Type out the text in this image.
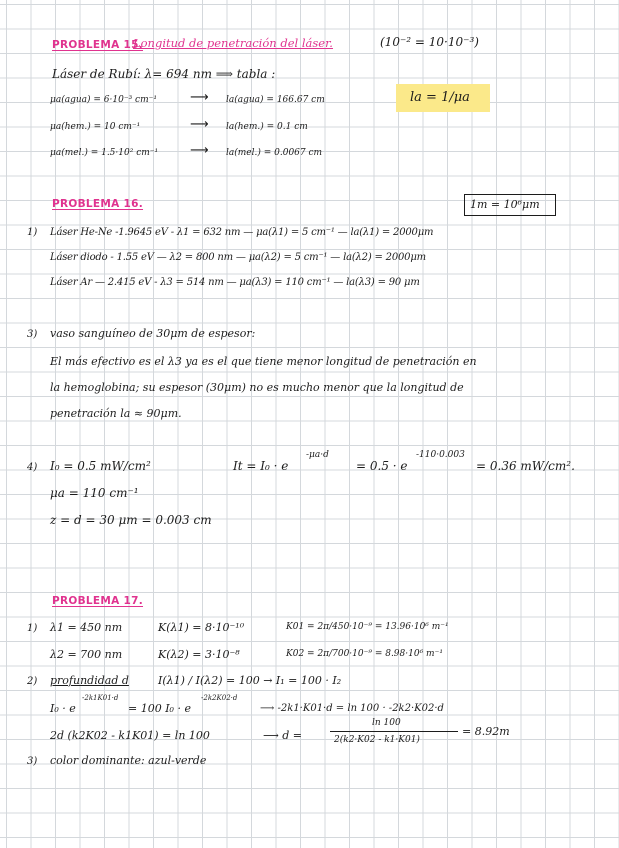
PROBLEMA 15.
Longitud de penetración del láser.	(10⁻² = 10·10⁻³)
Láser de Rubí: λ= 694 nm ⟹ tabla :
μa(agua) = 6·10⁻³ cm⁻¹	⟶ la(agua) = 166.67 cm
μa(hem.) = 10 cm⁻¹	⟶ la(hem.) = 0.1 cm
μa(mel.) = 1.5·10² cm⁻¹ ⟶ la(mel.) = 0.0067 cm
la = 1/μa
PROBLEMA 16.	1m = 10⁶μm
1) Láser He-Ne -1.9645 eV - λ1 = 632 nm — μa(λ1) = 5 cm⁻¹ — la(λ1) = 2000μm
Láser diodo - 1.55 eV — λ2 = 800 nm — μa(λ2) = 5 cm⁻¹ — la(λ2) = 2000μm
Láser Ar — 2.415 eV - λ3 = 514 nm — μa(λ3) = 110 cm⁻¹ — la(λ3) = 90 μm
3) vaso sanguíneo de 30μm de espesor:
El más efectivo es el λ3 ya es el que tiene menor longitud de penetración en
la hemoglobina; su espesor (30μm) no es mucho menor que la longitud de
penetración la ≈ 90μm.
4) I₀ = 0.5 mW/cm²	It = I₀ · e
-μa·d
= 0.5 · e
-110·0.003
= 0.36 mW/cm².
μa = 110 cm⁻¹
z = d = 30 μm = 0.003 cm
PROBLEMA 17.
1) λ1 = 450 nm	K(λ1) = 8·10⁻¹⁰	K01 = 2π/450·10⁻⁹ = 13.96·10⁶ m⁻¹
λ2 = 700 nm	K(λ2) = 3·10⁻⁸	K02 = 2π/700·10⁻⁹ = 8.98·10⁶ m⁻¹
2) profundidad d	I(λ1) / I(λ2) = 100 → I₁ = 100 · I₂
I₀ · e
-2k1K01·d
= 100 I₀ · e
-2k2K02·d
⟶ -2k1·K01·d = ln 100 · -2k2·K02·d
2d (k2K02 - k1K01) = ln 100	⟶ d =
ln 100
2(k2·K02 - k1·K01)
= 8.92m
3) color dominante: azul-verde
